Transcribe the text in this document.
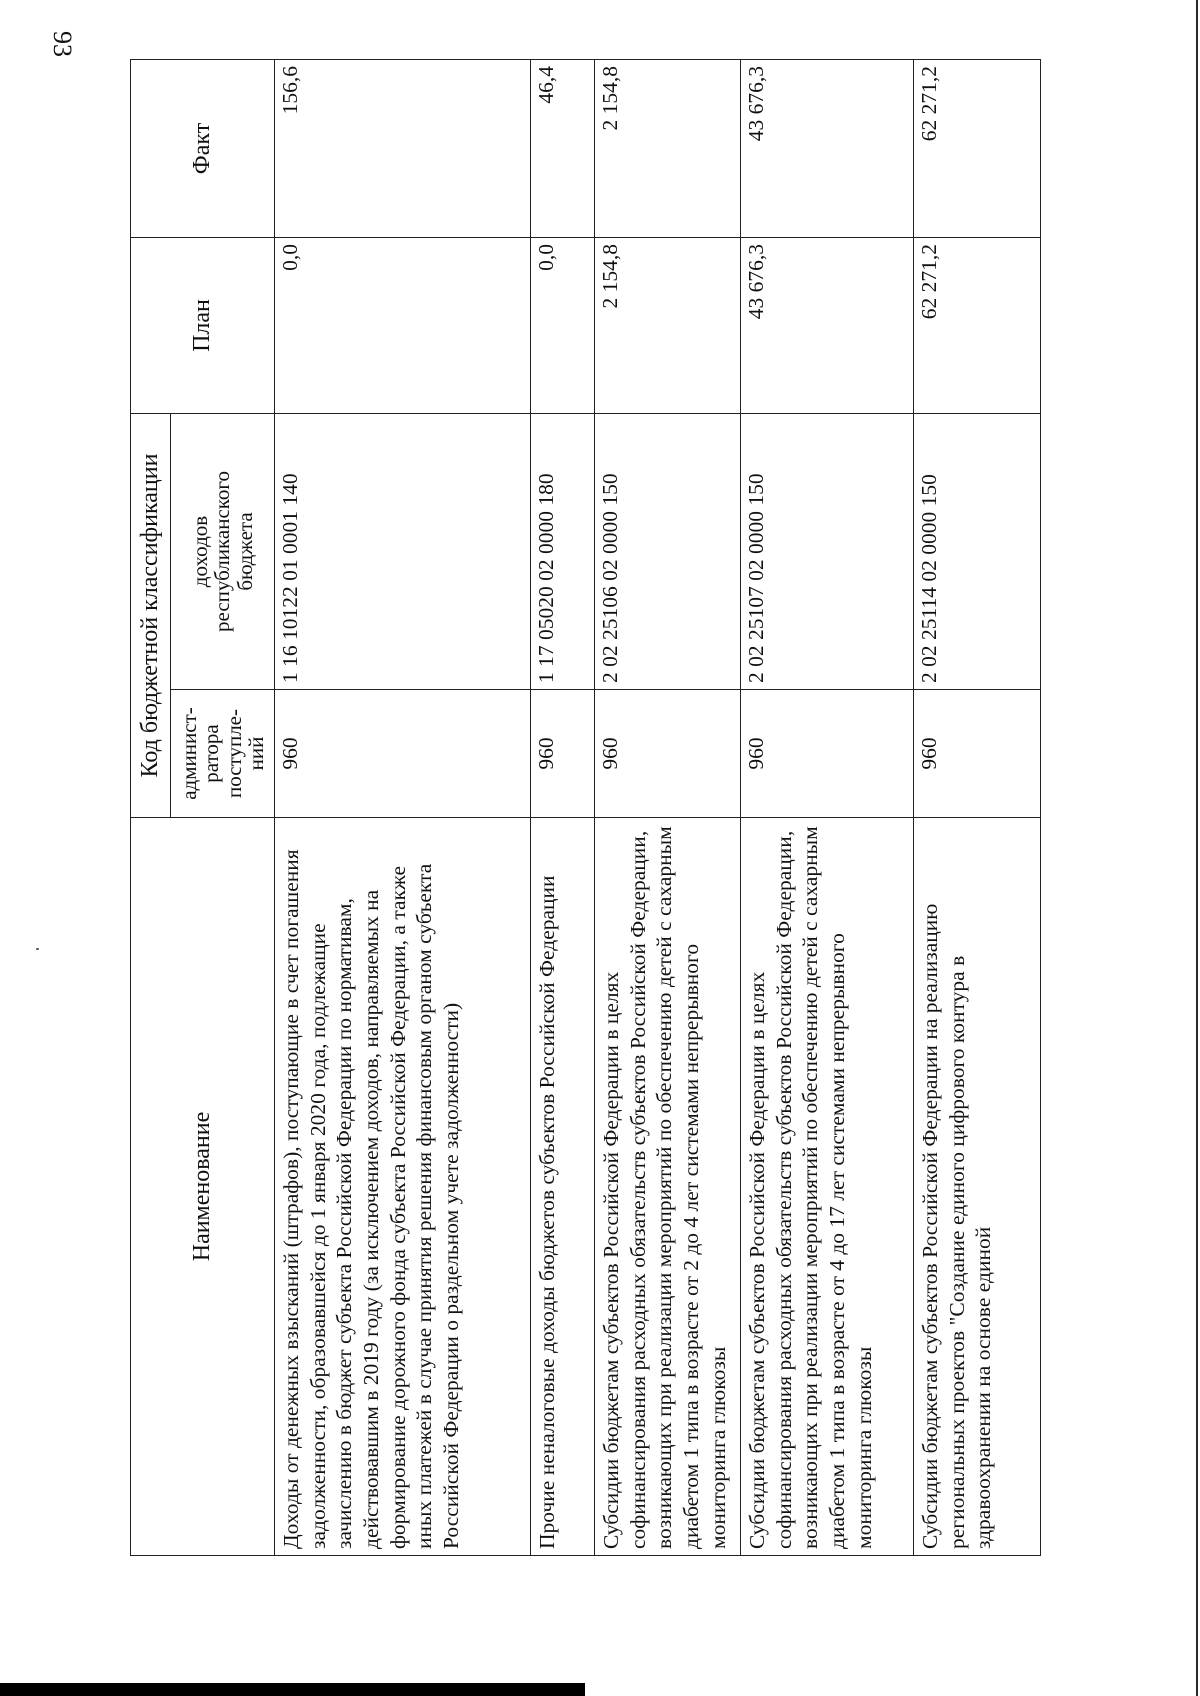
93
Наименование	Код бюджетной классификации		План	Факт
	админист-
ратора
поступле-
ний	доходов
республиканского
бюджета		
Доходы от денежных взысканий (штрафов), поступающие в счет погашения задолженности, образовавшейся до 1 января 2020 года, подлежащие зачислению в бюджет субъекта Российской Федерации по нормативам, действовавшим в 2019 году (за исключением доходов, направляемых на формирование дорожного фонда субъекта Российской Федерации, а также иных платежей в случае принятия решения финансовым органом субъекта Российской Федерации о раздельном учете задолженности)	960	1 16 10122 01 0001 140	0,0	156,6
Прочие неналоговые доходы бюджетов субъектов Российской Федерации	960	1 17 05020 02 0000 180	0,0	46,4
Субсидии бюджетам субъектов Российской Федерации в целях софинансирования расходных обязательств субъектов Российской Федерации, возникающих при реализации мероприятий по обеспечению детей с сахарным диабетом 1 типа в возрасте от 2 до 4 лет системами непрерывного мониторинга глюкозы	960	2 02 25106 02 0000 150	2 154,8	2 154,8
Субсидии бюджетам субъектов Российской Федерации в целях софинансирования расходных обязательств субъектов Российской Федерации, возникающих при реализации мероприятий по обеспечению детей с сахарным диабетом 1 типа в возрасте от 4 до 17 лет системами непрерывного мониторинга глюкозы	960	2 02 25107 02 0000 150	43 676,3	43 676,3
Субсидии бюджетам субъектов Российской Федерации на реализацию региональных проектов "Создание единого цифрового контура в здравоохранении на основе единой	960	2 02 25114 02 0000 150	62 271,2	62 271,2
